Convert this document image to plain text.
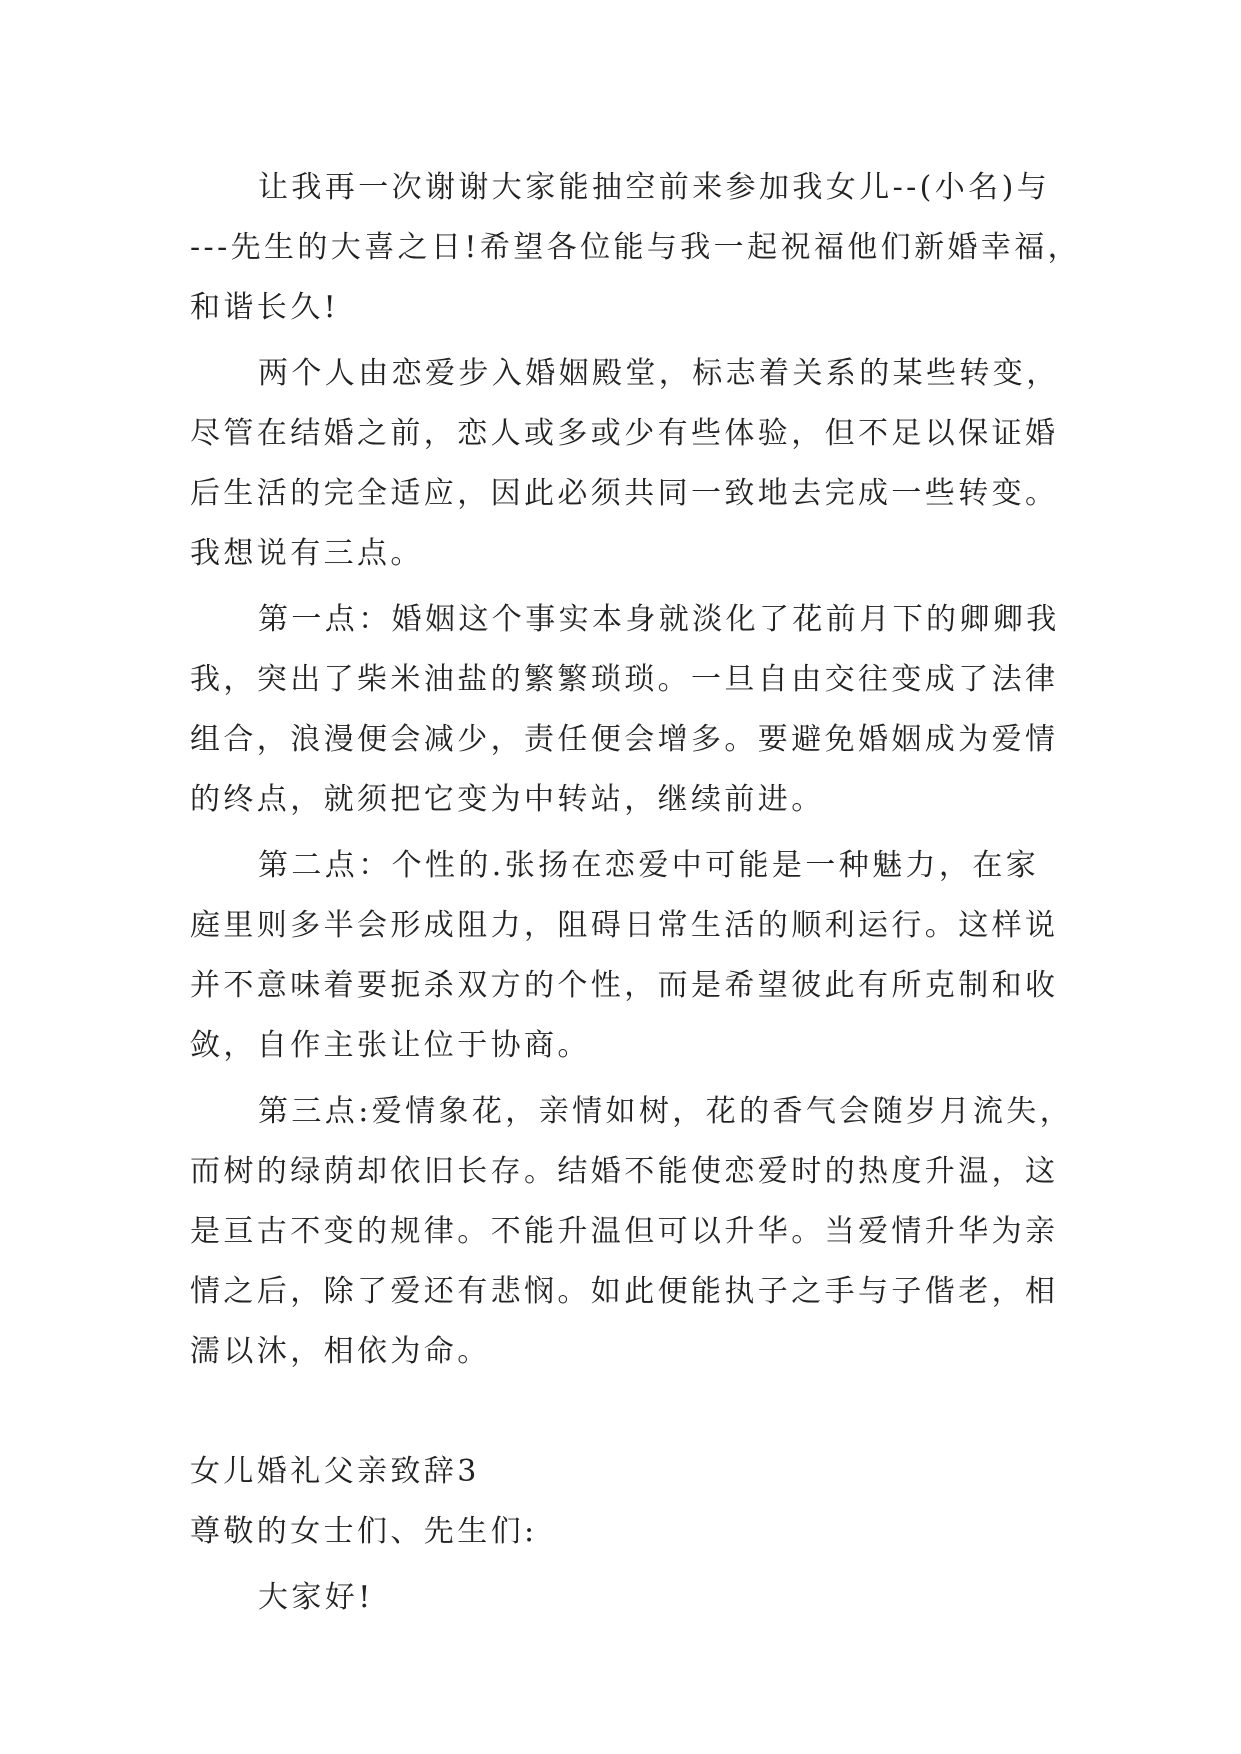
让我再一次谢谢大家能抽空前来参加我女儿--(小名)与
---先生的大喜之日!希望各位能与我一起祝福他们新婚幸福，
和谐长久!
两个人由恋爱步入婚姻殿堂，标志着关系的某些转变，
尽管在结婚之前，恋人或多或少有些体验，但不足以保证婚
后生活的完全适应，因此必须共同一致地去完成一些转变。
我想说有三点。
第一点：婚姻这个事实本身就淡化了花前月下的卿卿我
我，突出了柴米油盐的繁繁琐琐。一旦自由交往变成了法律
组合，浪漫便会减少，责任便会增多。要避免婚姻成为爱情
的终点，就须把它变为中转站，继续前进。
第二点：个性的.张扬在恋爱中可能是一种魅力，在家
庭里则多半会形成阻力，阻碍日常生活的顺利运行。这样说
并不意味着要扼杀双方的个性，而是希望彼此有所克制和收
敛，自作主张让位于协商。
第三点:爱情象花，亲情如树，花的香气会随岁月流失，
而树的绿荫却依旧长存。结婚不能使恋爱时的热度升温，这
是亘古不变的规律。不能升温但可以升华。当爱情升华为亲
情之后，除了爱还有悲悯。如此便能执子之手与子偕老，相
濡以沐，相依为命。
女儿婚礼父亲致辞3
尊敬的女士们、先生们:
大家好!
